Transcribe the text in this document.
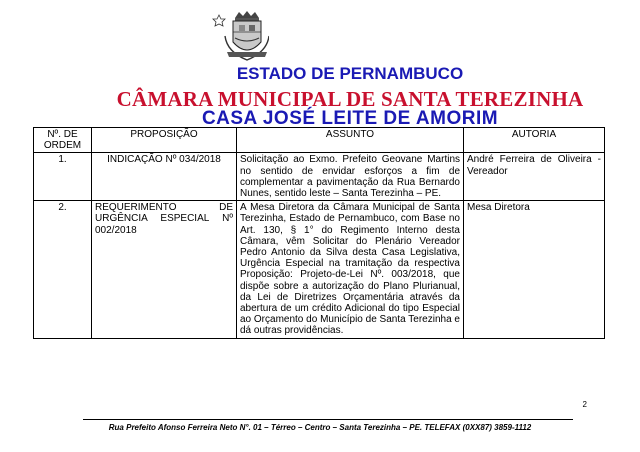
ESTADO DE PERNAMBUCO
CÂMARA MUNICIPAL DE SANTA TEREZINHA
CASA JOSÉ LEITE DE AMORIM
Nº. DE ORDEM	PROPOSIÇÃO	ASSUNTO	AUTORIA
1.	INDICAÇÃO Nº 034/2018	Solicitação ao Exmo. Prefeito Geovane Martins no sentido de envidar esforços a fim de complementar a pavimentação da Rua Bernardo Nunes, sentido leste – Santa Terezinha – PE.	André Ferreira de Oliveira - Vereador
2.	REQUERIMENTO DE URGÊNCIA ESPECIAL Nº 002/2018	A Mesa Diretora da Câmara Municipal de Santa Terezinha, Estado de Pernambuco, com Base no Art. 130, § 1° do Regimento Interno desta Câmara, vêm Solicitar do Plenário Vereador Pedro Antonio da Silva desta Casa Legislativa, Urgência Especial na tramitação da respectiva Proposição: Projeto-de-Lei Nº. 003/2018, que dispõe sobre a autorização do Plano Plurianual, da Lei de Diretrizes Orçamentária através da abertura de um crédito Adicional do tipo Especial ao Orçamento do Município de Santa Terezinha e dá outras providências.	Mesa Diretora
2
Rua Prefeito Afonso Ferreira Neto N°. 01 – Térreo – Centro – Santa Terezinha – PE. TELEFAX (0XX87) 3859-1112
